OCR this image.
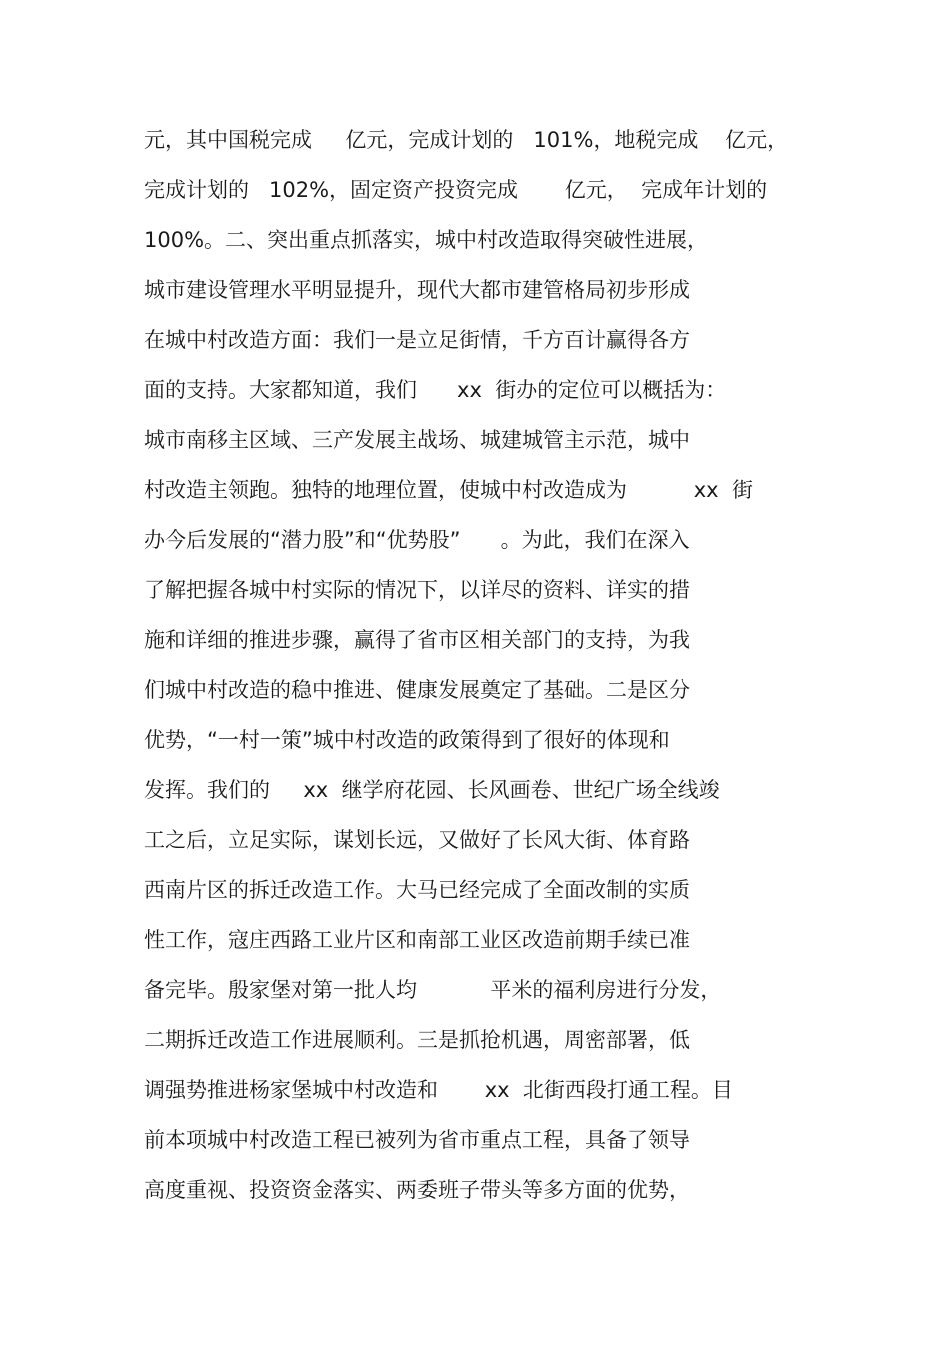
元，其中国税完成     亿元，完成计划的   101%，地税完成    亿元，
完成计划的   102%，固定资产投资完成       亿元，  完成年计划的
100%。二、突出重点抓落实，城中村改造取得突破性进展，
城市建设管理水平明显提升，现代大都市建管格局初步形成
在城中村改造方面：我们一是立足街情，千方百计赢得各方
面的支持。大家都知道，我们      xx  街办的定位可以概括为：
城市南移主区域、三产发展主战场、城建城管主示范，城中
村改造主领跑。独特的地理位置，使城中村改造成为          xx  街
办今后发展的“潜力股”和“优势股”      。为此，我们在深入
了解把握各城中村实际的情况下，以详尽的资料、详实的措
施和详细的推进步骤，赢得了省市区相关部门的支持，为我
们城中村改造的稳中推进、健康发展奠定了基础。二是区分
优势，“一村一策”城中村改造的政策得到了很好的体现和
发挥。我们的     xx  继学府花园、长风画卷、世纪广场全线竣
工之后，立足实际，谋划长远，又做好了长风大街、体育路
西南片区的拆迁改造工作。大马已经完成了全面改制的实质
性工作，寇庄西路工业片区和南部工业区改造前期手续已准
备完毕。殷家堡对第一批人均           平米的福利房进行分发，
二期拆迁改造工作进展顺利。三是抓抢机遇，周密部署，低
调强势推进杨家堡城中村改造和       xx  北街西段打通工程。目
前本项城中村改造工程已被列为省市重点工程，具备了领导
高度重视、投资资金落实、两委班子带头等多方面的优势，
